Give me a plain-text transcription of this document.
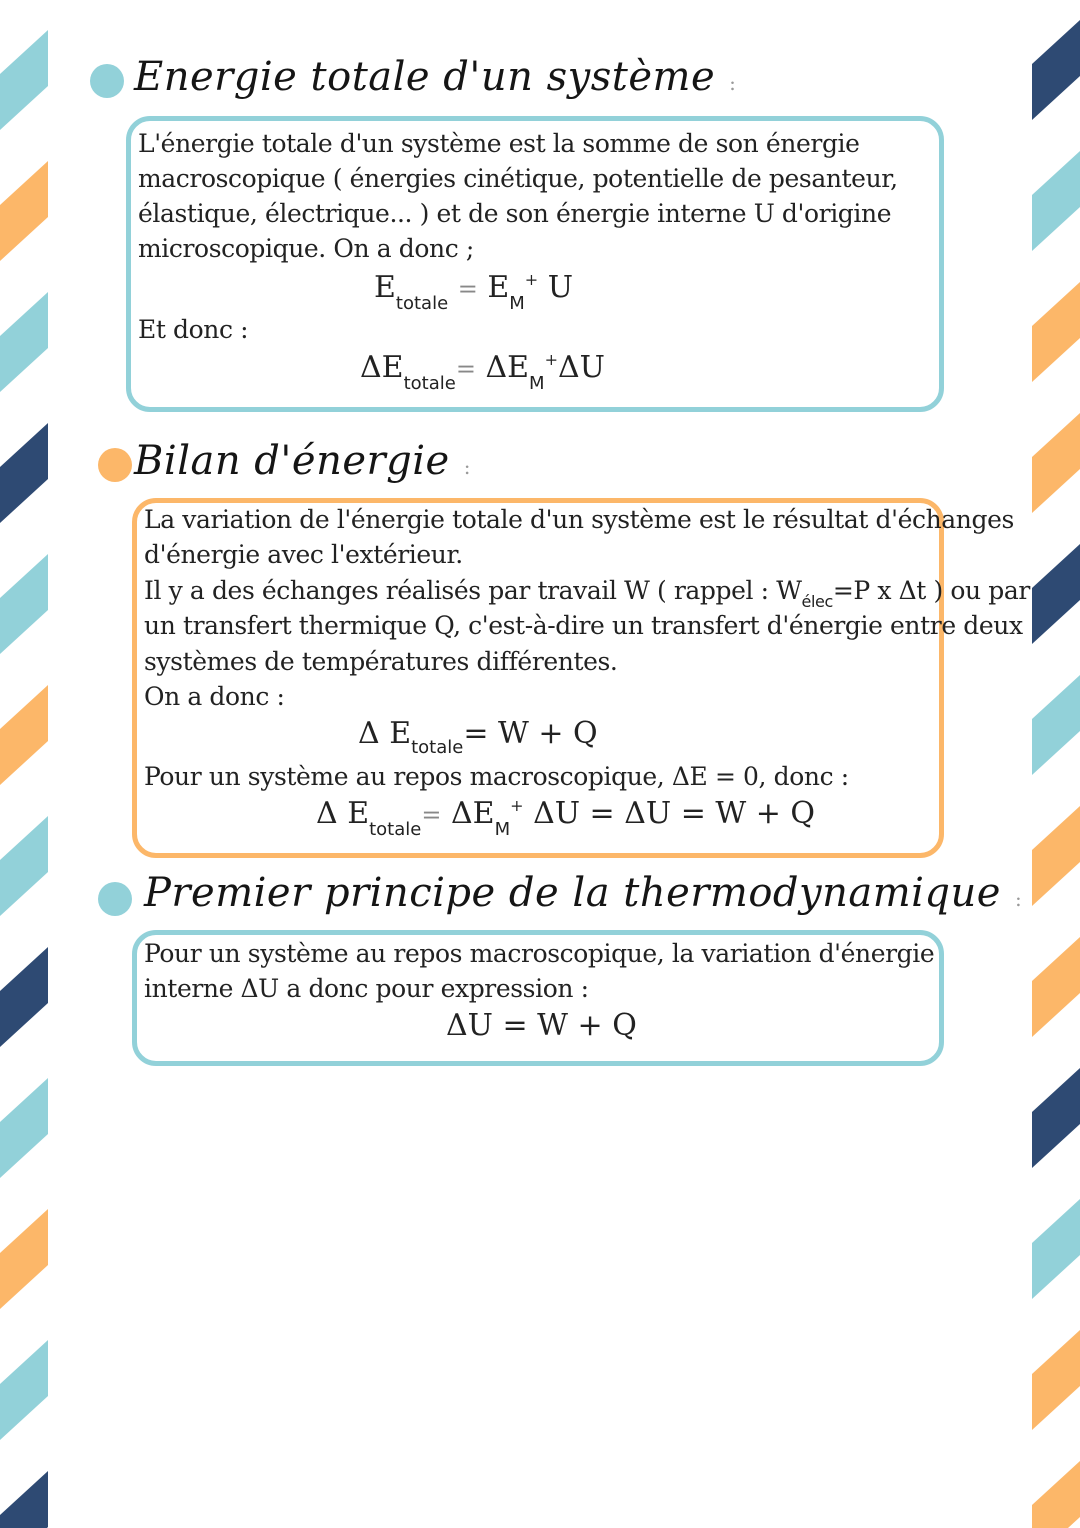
Energie totale d'un système :
L'énergie totale d'un système est la somme de son énergie
macroscopique ( énergies cinétique, potentielle de pesanteur,
élastique, électrique... ) et de son énergie interne U d'origine
microscopique. On a donc ;
$E_{totale} = E_M^+$ U
Et donc :
$\Delta E_{totale}= \Delta E_M^+\Delta U$
Bilan d'énergie :
La variation de l'énergie totale d'un système est le résultat d'échanges
d'énergie avec l'extérieur.
Il y a des échanges réalisés par travail W ( rappel : $W_{élec}=P$ x Δt ) ou par
un transfert thermique Q, c'est-à-dire un transfert d'énergie entre deux
systèmes de températures différentes.
On a donc :
Δ $E_{totale}= W + Q$
Pour un système au repos macroscopique, ΔE = 0, donc :
Δ $E_{totale}= \Delta E_M^+$ ΔU = ΔU = W + Q
Premier principe de la thermodynamique :
Pour un système au repos macroscopique, la variation d'énergie
interne ΔU a donc pour expression :
ΔU = W + Q
